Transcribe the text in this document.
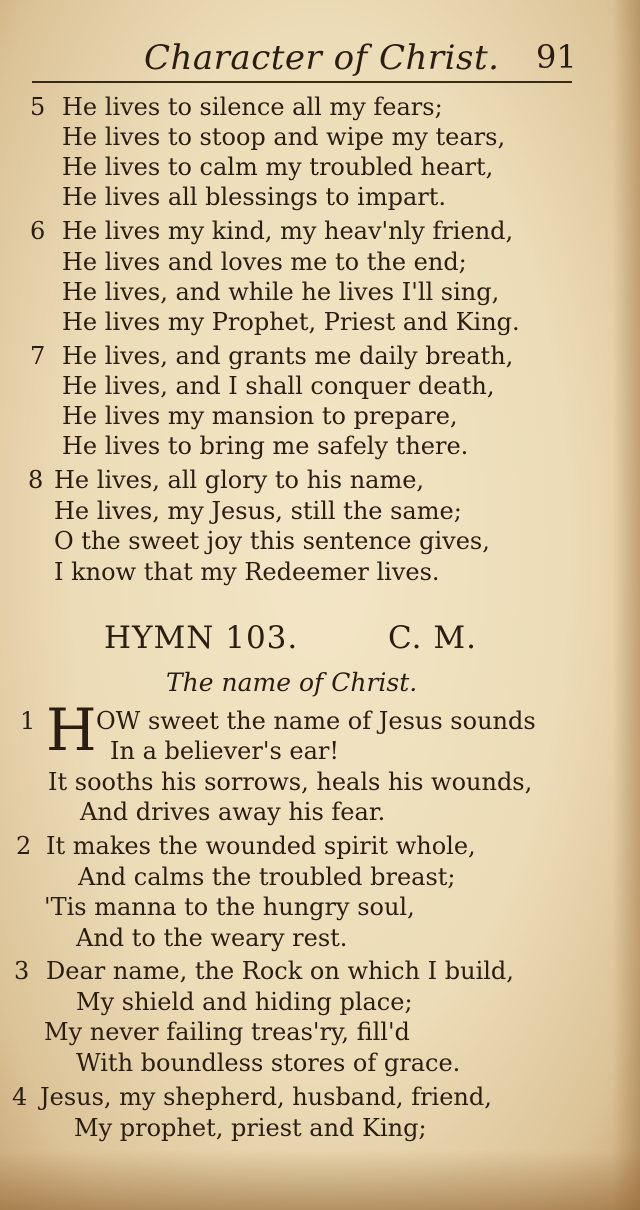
Character of Christ. 91
5 He lives to silence all my fears;
He lives to stoop and wipe my tears,
He lives to calm my troubled heart,
He lives all blessings to impart.
6 He lives my kind, my heav'nly friend,
He lives and loves me to the end;
He lives, and while he lives I'll sing,
He lives my Prophet, Priest and King.
7 He lives, and grants me daily breath,
He lives, and I shall conquer death,
He lives my mansion to prepare,
He lives to bring me safely there.
8 He lives, all glory to his name,
He lives, my Jesus, still the same;
O the sweet joy this sentence gives,
I know that my Redeemer lives.
HYMN 103.	C. M.
The name of Christ.
1 H OW sweet the name of Jesus sounds
In a believer's ear!
It sooths his sorrows, heals his wounds,
And drives away his fear.
2 It makes the wounded spirit whole,
And calms the troubled breast;
'Tis manna to the hungry soul,
And to the weary rest.
3 Dear name, the Rock on which I build,
My shield and hiding place;
My never failing treas'ry, fill'd
With boundless stores of grace.
4 Jesus, my shepherd, husband, friend,
My prophet, priest and King;
